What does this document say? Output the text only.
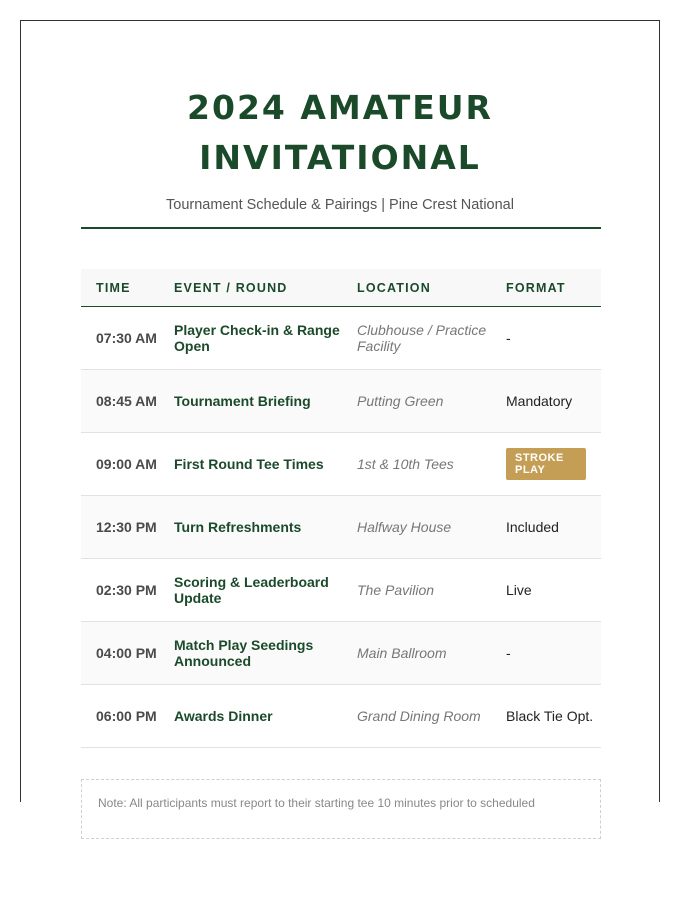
2024 AMATEUR INVITATIONAL
Tournament Schedule & Pairings | Pine Crest National
TIME	EVENT / ROUND	LOCATION	FORMAT
07:30 AM	Player Check-in & Range Open	Clubhouse / Practice Facility	-
08:45 AM	Tournament Briefing	Putting Green	Mandatory
09:00 AM	First Round Tee Times	1st & 10th Tees	STROKE PLAY
12:30 PM	Turn Refreshments	Halfway House	Included
02:30 PM	Scoring & Leaderboard Update	The Pavilion	Live
04:00 PM	Match Play Seedings Announced	Main Ballroom	-
06:00 PM	Awards Dinner	Grand Dining Room	Black Tie Opt.
Note: All participants must report to their starting tee 10 minutes prior to scheduled
